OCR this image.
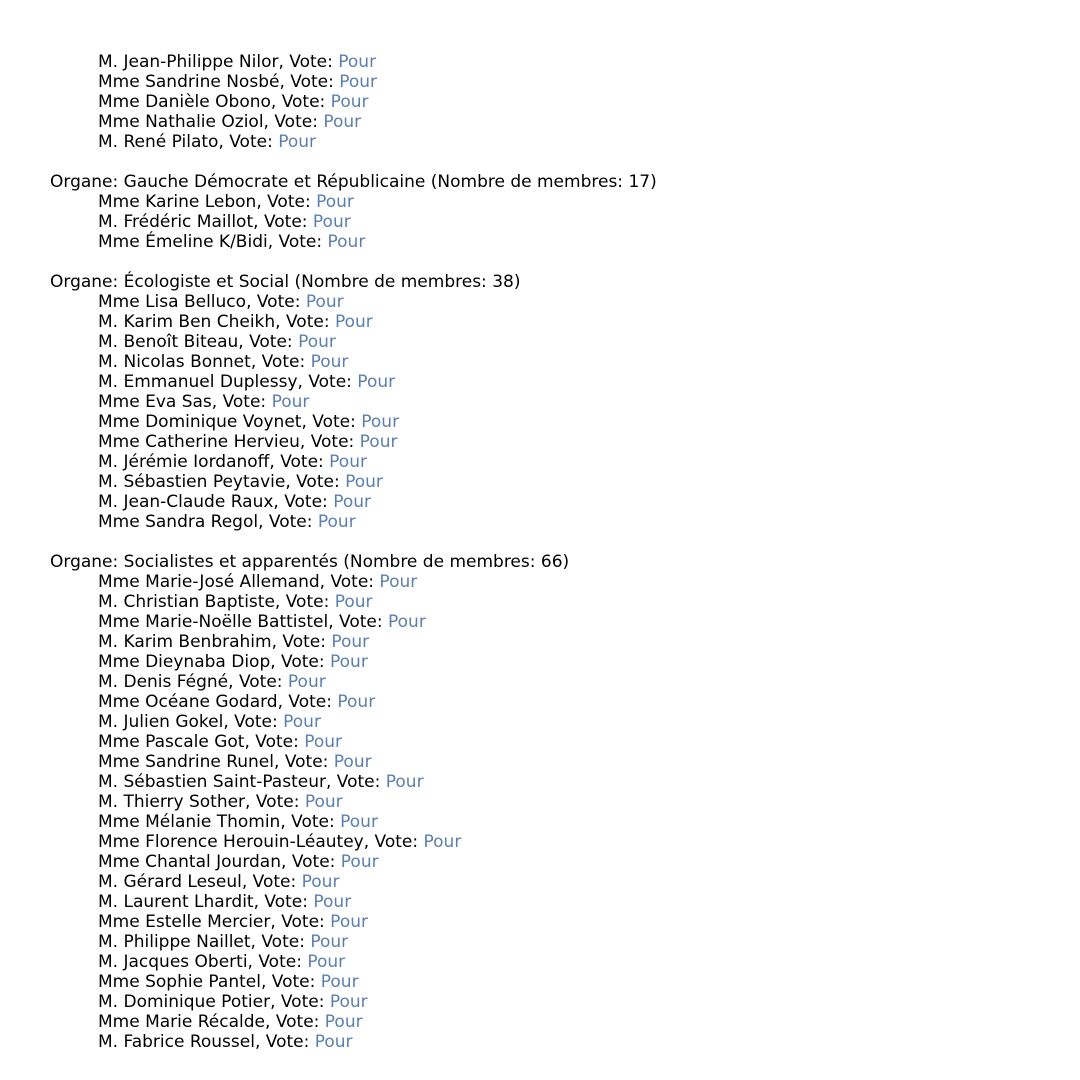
M. Jean-Philippe Nilor, Vote: Pour
Mme Sandrine Nosbé, Vote: Pour
Mme Danièle Obono, Vote: Pour
Mme Nathalie Oziol, Vote: Pour
M. René Pilato, Vote: Pour
Organe: Gauche Démocrate et Républicaine (Nombre de membres: 17)
Mme Karine Lebon, Vote: Pour
M. Frédéric Maillot, Vote: Pour
Mme Émeline K/Bidi, Vote: Pour
Organe: Écologiste et Social (Nombre de membres: 38)
Mme Lisa Belluco, Vote: Pour
M. Karim Ben Cheikh, Vote: Pour
M. Benoît Biteau, Vote: Pour
M. Nicolas Bonnet, Vote: Pour
M. Emmanuel Duplessy, Vote: Pour
Mme Eva Sas, Vote: Pour
Mme Dominique Voynet, Vote: Pour
Mme Catherine Hervieu, Vote: Pour
M. Jérémie Iordanoff, Vote: Pour
M. Sébastien Peytavie, Vote: Pour
M. Jean-Claude Raux, Vote: Pour
Mme Sandra Regol, Vote: Pour
Organe: Socialistes et apparentés (Nombre de membres: 66)
Mme Marie-José Allemand, Vote: Pour
M. Christian Baptiste, Vote: Pour
Mme Marie-Noëlle Battistel, Vote: Pour
M. Karim Benbrahim, Vote: Pour
Mme Dieynaba Diop, Vote: Pour
M. Denis Fégné, Vote: Pour
Mme Océane Godard, Vote: Pour
M. Julien Gokel, Vote: Pour
Mme Pascale Got, Vote: Pour
Mme Sandrine Runel, Vote: Pour
M. Sébastien Saint-Pasteur, Vote: Pour
M. Thierry Sother, Vote: Pour
Mme Mélanie Thomin, Vote: Pour
Mme Florence Herouin-Léautey, Vote: Pour
Mme Chantal Jourdan, Vote: Pour
M. Gérard Leseul, Vote: Pour
M. Laurent Lhardit, Vote: Pour
Mme Estelle Mercier, Vote: Pour
M. Philippe Naillet, Vote: Pour
M. Jacques Oberti, Vote: Pour
Mme Sophie Pantel, Vote: Pour
M. Dominique Potier, Vote: Pour
Mme Marie Récalde, Vote: Pour
M. Fabrice Roussel, Vote: Pour
